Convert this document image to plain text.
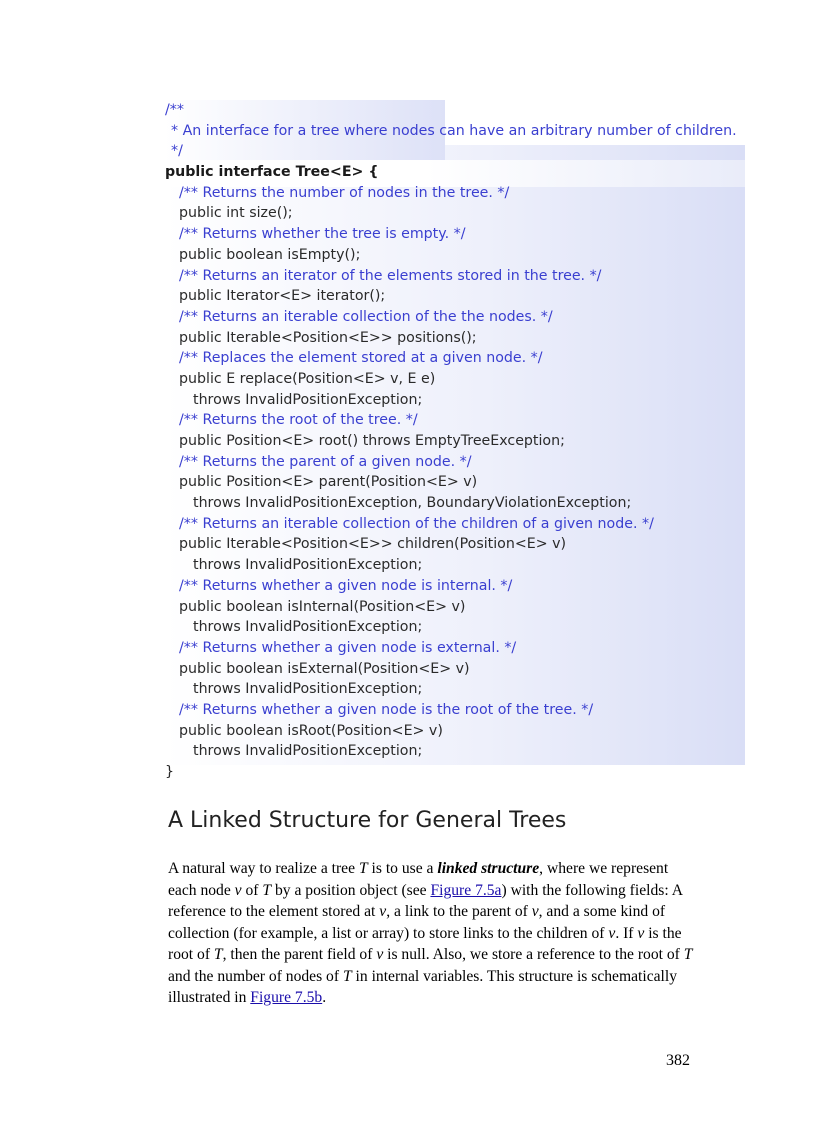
/**
* An interface for a tree where nodes can have an arbitrary number of children.
*/
public interface Tree<E> {
/** Returns the number of nodes in the tree. */
public int size();
/** Returns whether the tree is empty. */
public boolean isEmpty();
/** Returns an iterator of the elements stored in the tree. */
public Iterator<E> iterator();
/** Returns an iterable collection of the the nodes. */
public Iterable<Position<E>> positions();
/** Replaces the element stored at a given node. */
public E replace(Position<E> v, E e)
throws InvalidPositionException;
/** Returns the root of the tree. */
public Position<E> root() throws EmptyTreeException;
/** Returns the parent of a given node. */
public Position<E> parent(Position<E> v)
throws InvalidPositionException, BoundaryViolationException;
/** Returns an iterable collection of the children of a given node. */
public Iterable<Position<E>> children(Position<E> v)
throws InvalidPositionException;
/** Returns whether a given node is internal. */
public boolean isInternal(Position<E> v)
throws InvalidPositionException;
/** Returns whether a given node is external. */
public boolean isExternal(Position<E> v)
throws InvalidPositionException;
/** Returns whether a given node is the root of the tree. */
public boolean isRoot(Position<E> v)
throws InvalidPositionException;
}
A Linked Structure for General Trees

A natural way to realize a tree T is to use a linked structure, where we represent each node v of T by a position object (see Figure 7.5a) with the following fields: A reference to the element stored at v, a link to the parent of v, and a some kind of collection (for example, a list or array) to store links to the children of v. If v is the root of T, then the parent field of v is null. Also, we store a reference to the root of T and the number of nodes of T in internal variables. This structure is schematically illustrated in Figure 7.5b.

382
